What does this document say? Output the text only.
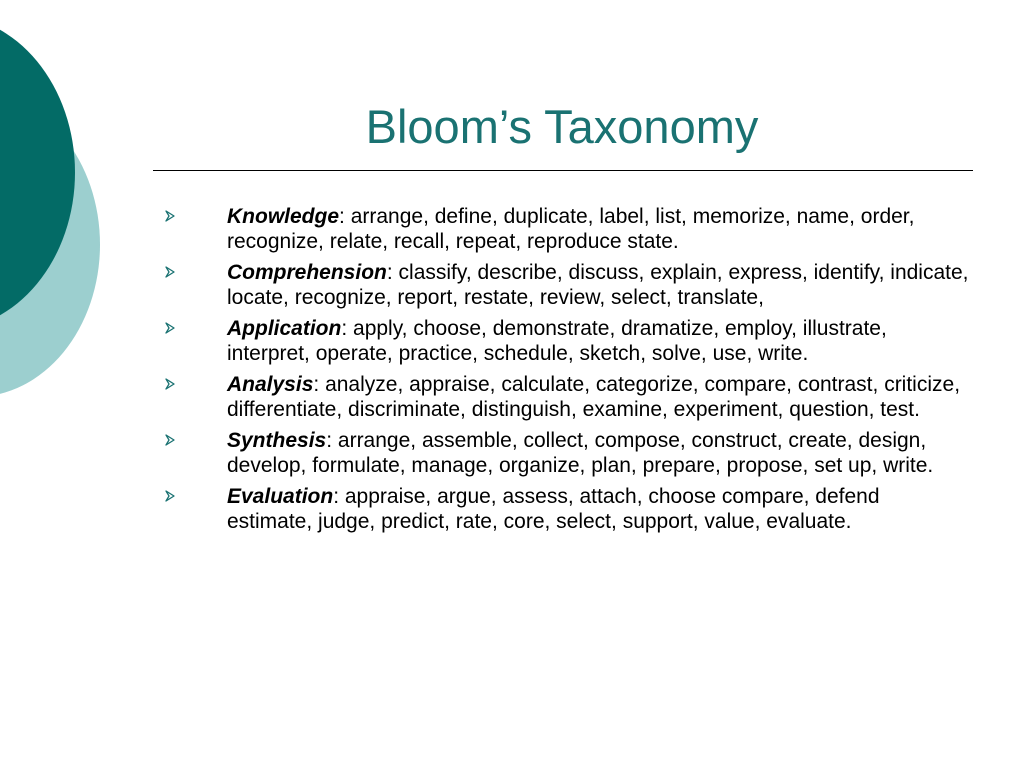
Bloom’s Taxonomy
Knowledge: arrange, define, duplicate, label, list, memorize, name, order, recognize, relate, recall, repeat, reproduce state.
Comprehension: classify, describe, discuss, explain, express, identify, indicate, locate, recognize, report, restate, review, select, translate,
Application: apply, choose, demonstrate, dramatize, employ, illustrate, interpret, operate, practice, schedule, sketch, solve, use, write.
Analysis: analyze, appraise, calculate, categorize, compare, contrast, criticize, differentiate, discriminate, distinguish, examine, experiment, question, test.
Synthesis: arrange, assemble, collect, compose, construct, create, design, develop, formulate, manage, organize, plan, prepare, propose, set up, write.
Evaluation: appraise, argue, assess, attach, choose compare, defend estimate, judge, predict, rate, core, select, support, value, evaluate.
